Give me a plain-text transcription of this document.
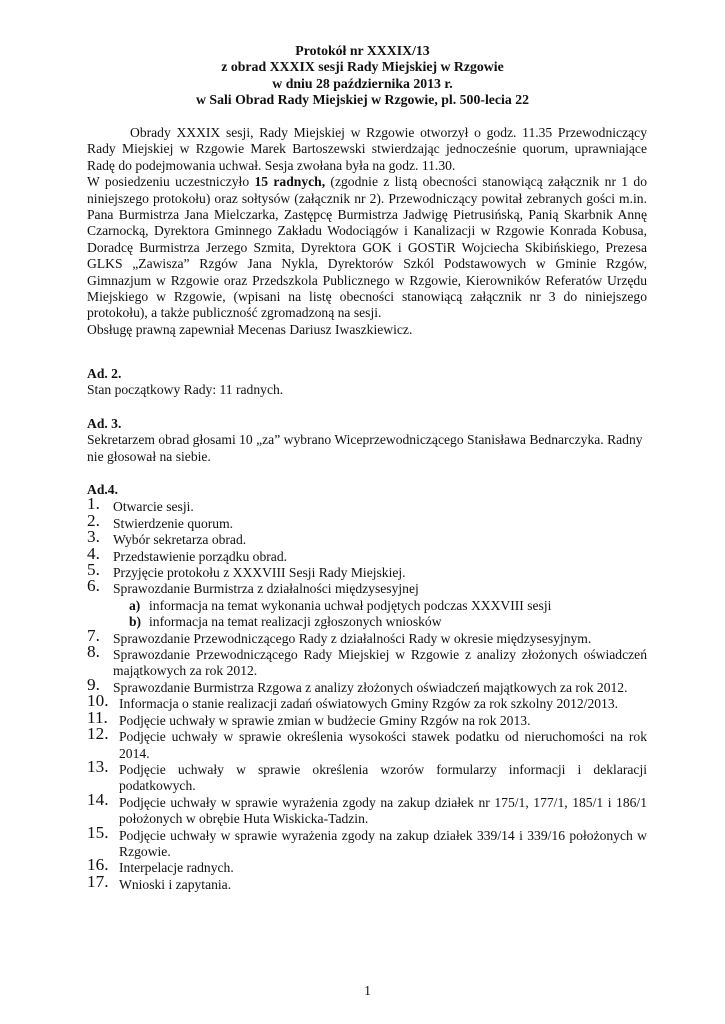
Protokół nr XXXIX/13
z obrad XXXIX sesji Rady Miejskiej w Rzgowie
w dniu 28 października 2013 r.
w Sali Obrad Rady Miejskiej w Rzgowie, pl. 500-lecia 22

Obrady XXXIX sesji, Rady Miejskiej w Rzgowie otworzył o godz. 11.35 Przewodniczący Rady Miejskiej w Rzgowie Marek Bartoszewski stwierdzając jednocześnie quorum, uprawniające Radę do podejmowania uchwał. Sesja zwołana była na godz. 11.30.

W posiedzeniu uczestniczyło 15 radnych, (zgodnie z listą obecności stanowiącą załącznik nr 1 do niniejszego protokołu) oraz sołtysów (załącznik nr 2). Przewodniczący powitał zebranych gości m.in. Pana Burmistrza Jana Mielczarka, Zastępcę Burmistrza Jadwigę Pietrusińską, Panią Skarbnik Annę Czarnocką, Dyrektora Gminnego Zakładu Wodociągów i Kanalizacji w Rzgowie Konrada Kobusa, Doradcę Burmistrza Jerzego Szmita, Dyrektora GOK i GOSTiR Wojciecha Skibińskiego, Prezesa GLKS „Zawisza” Rzgów Jana Nykla, Dyrektorów Szkól Podstawowych w Gminie Rzgów, Gimnazjum w Rzgowie oraz Przedszkola Publicznego w Rzgowie, Kierowników Referatów Urzędu Miejskiego w Rzgowie, (wpisani na listę obecności stanowiącą załącznik nr 3 do niniejszego protokołu), a także publiczność zgromadzoną na sesji.

Obsługę prawną zapewniał Mecenas Dariusz Iwaszkiewicz.

Ad. 2.

Stan początkowy Rady: 11 radnych.

Ad. 3.

Sekretarzem obrad głosami 10 „za” wybrano Wiceprzewodniczącego Stanisława Bednarczyka. Radny nie głosował na siebie.

Ad.4.

1. Otwarcie sesji.
2. Stwierdzenie quorum.
3. Wybór sekretarza obrad.
4. Przedstawienie porządku obrad.
5. Przyjęcie protokołu z XXXVIII Sesji Rady Miejskiej.
6. Sprawozdanie Burmistrza z działalności międzysesyjnej
a) informacja na temat wykonania uchwał podjętych podczas XXXVIII sesji
b) informacja na temat realizacji zgłoszonych wniosków
7. Sprawozdanie Przewodniczącego Rady z działalności Rady w okresie międzysesyjnym.
8. Sprawozdanie Przewodniczącego Rady Miejskiej w Rzgowie z analizy złożonych oświadczeń majątkowych za rok 2012.
9. Sprawozdanie Burmistrza Rzgowa z analizy złożonych oświadczeń majątkowych za rok 2012.
10. Informacja o stanie realizacji zadań oświatowych Gminy Rzgów za rok szkolny 2012/2013.
11. Podjęcie uchwały w sprawie zmian w budżecie Gminy Rzgów na rok 2013.
12. Podjęcie uchwały w sprawie określenia wysokości stawek podatku od nieruchomości na rok 2014.
13. Podjęcie uchwały w sprawie określenia wzorów formularzy informacji i deklaracji podatkowych.
14. Podjęcie uchwały w sprawie wyrażenia zgody na zakup działek nr 175/1, 177/1, 185/1 i 186/1 położonych w obrębie Huta Wiskicka-Tadzin.
15. Podjęcie uchwały w sprawie wyrażenia zgody na zakup działek 339/14 i 339/16 położonych w Rzgowie.
16. Interpelacje radnych.
17. Wnioski i zapytania.
1
